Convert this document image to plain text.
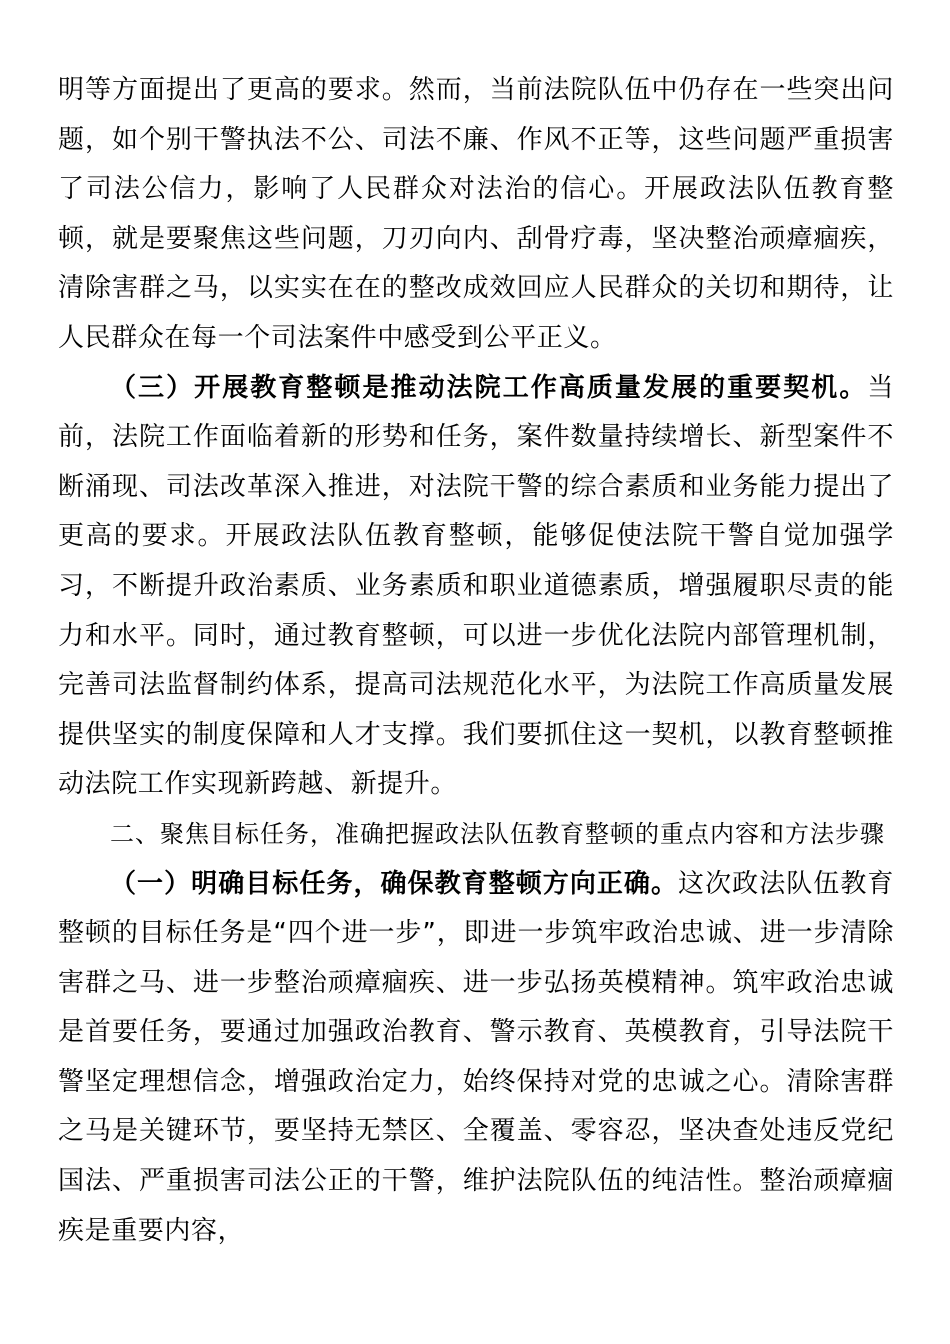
明等方面提出了更高的要求。然而，当前法院队伍中仍存在一些突出问题，如个别干警执法不公、司法不廉、作风不正等，这些问题严重损害了司法公信力，影响了人民群众对法治的信心。开展政法队伍教育整顿，就是要聚焦这些问题，刀刃向内、刮骨疗毒，坚决整治顽瘴痼疾，清除害群之马，以实实在在的整改成效回应人民群众的关切和期待，让人民群众在每一个司法案件中感受到公平正义。

（三）开展教育整顿是推动法院工作高质量发展的重要契机。当前，法院工作面临着新的形势和任务，案件数量持续增长、新型案件不断涌现、司法改革深入推进，对法院干警的综合素质和业务能力提出了更高的要求。开展政法队伍教育整顿，能够促使法院干警自觉加强学习，不断提升政治素质、业务素质和职业道德素质，增强履职尽责的能力和水平。同时，通过教育整顿，可以进一步优化法院内部管理机制，完善司法监督制约体系，提高司法规范化水平，为法院工作高质量发展提供坚实的制度保障和人才支撑。我们要抓住这一契机，以教育整顿推动法院工作实现新跨越、新提升。

二、聚焦目标任务，准确把握政法队伍教育整顿的重点内容和方法步骤

（一）明确目标任务，确保教育整顿方向正确。这次政法队伍教育整顿的目标任务是“四个进一步”，即进一步筑牢政治忠诚、进一步清除害群之马、进一步整治顽瘴痼疾、进一步弘扬英模精神。筑牢政治忠诚是首要任务，要通过加强政治教育、警示教育、英模教育，引导法院干警坚定理想信念，增强政治定力，始终保持对党的忠诚之心。清除害群之马是关键环节，要坚持无禁区、全覆盖、零容忍，坚决查处违反党纪国法、严重损害司法公正的干警，维护法院队伍的纯洁性。整治顽瘴痼疾是重要内容，
